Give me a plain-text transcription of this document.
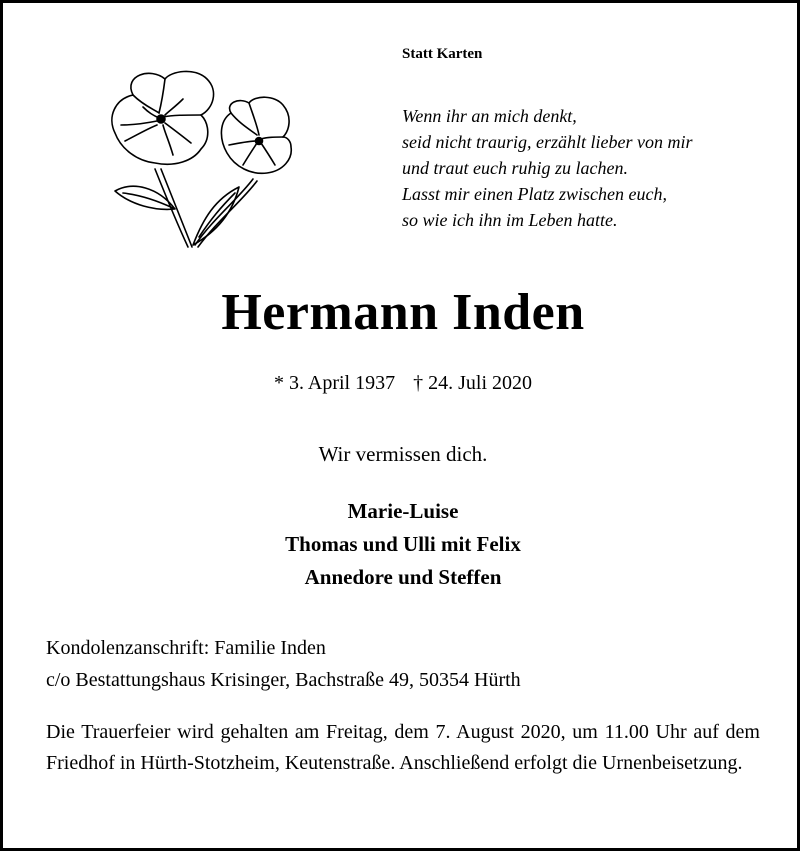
Statt Karten
Wenn ihr an mich denkt,
seid nicht traurig, erzählt lieber von mir
und traut euch ruhig zu lachen.
Lasst mir einen Platz zwischen euch,
so wie ich ihn im Leben hatte.
Hermann Inden
* 3. April 1937 † 24. Juli 2020
Wir vermissen dich.
Marie-Luise
Thomas und Ulli mit Felix
Annedore und Steffen
Kondolenzanschrift: Familie Inden
c/o Bestattungshaus Krisinger, Bachstraße 49, 50354 Hürth
Die Trauerfeier wird gehalten am Freitag, dem 7. August 2020, um 11.00 Uhr auf dem Friedhof in Hürth-Stotzheim, Keutenstraße. Anschließend erfolgt die Urnenbeisetzung.
